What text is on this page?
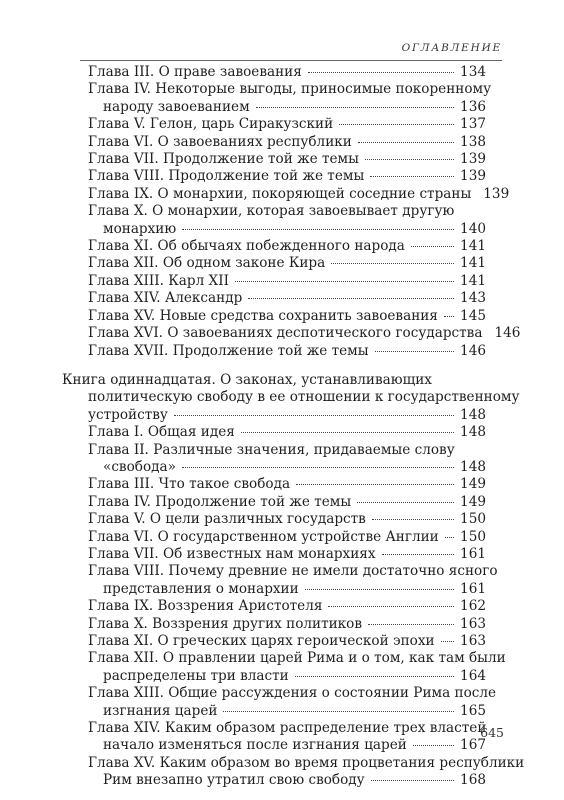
ОГЛАВЛЕНИЕ
Глава III. О праве завоевания	134
Глава IV. Некоторые выгоды, приносимые покоренному
народу завоеванием	136
Глава V. Гелон, царь Сиракузский	137
Глава VI. О завоеваниях республики	138
Глава VII. Продолжение той же темы	139
Глава VIII. Продолжение той же темы	139
Глава IX. О монархии, покоряющей соседние страны 139
Глава X. О монархии, которая завоевывает другую
монархию	140
Глава XI. Об обычаях побежденного народа	141
Глава XII. Об одном законе Кира	141
Глава XIII. Карл XII	141
Глава XIV. Александр	143
Глава XV. Новые средства сохранить завоевания 145
Глава XVI. О завоеваниях деспотического государства 146
Глава XVII. Продолжение той же темы	146
Книга одиннадцатая. О законах, устанавливающих
политическую свободу в ее отношении к государственному
устройству	148
Глава I. Общая идея	148
Глава II. Различные значения, придаваемые слову
«свобода»	148
Глава III. Что такое свобода	149
Глава IV. Продолжение той же темы	149
Глава V. О цели различных государств	150
Глава VI. О государственном устройстве Англии 150
Глава VII. Об известных нам монархиях	161
Глава VIII. Почему древние не имели достаточно ясного
представления о монархии	161
Глава IX. Воззрения Аристотеля	162
Глава X. Воззрения других политиков	163
Глава XI. О греческих царях героической эпохи 163
Глава XII. О правлении царей Рима и о том, как там были
распределены три власти	164
Глава XIII. Общие рассуждения о состоянии Рима после
изгнания царей	165
Глава XIV. Каким образом распределение трех властей
начало изменяться после изгнания царей	167
Глава XV. Каким образом во время процветания республики
Рим внезапно утратил свою свободу	168
645
